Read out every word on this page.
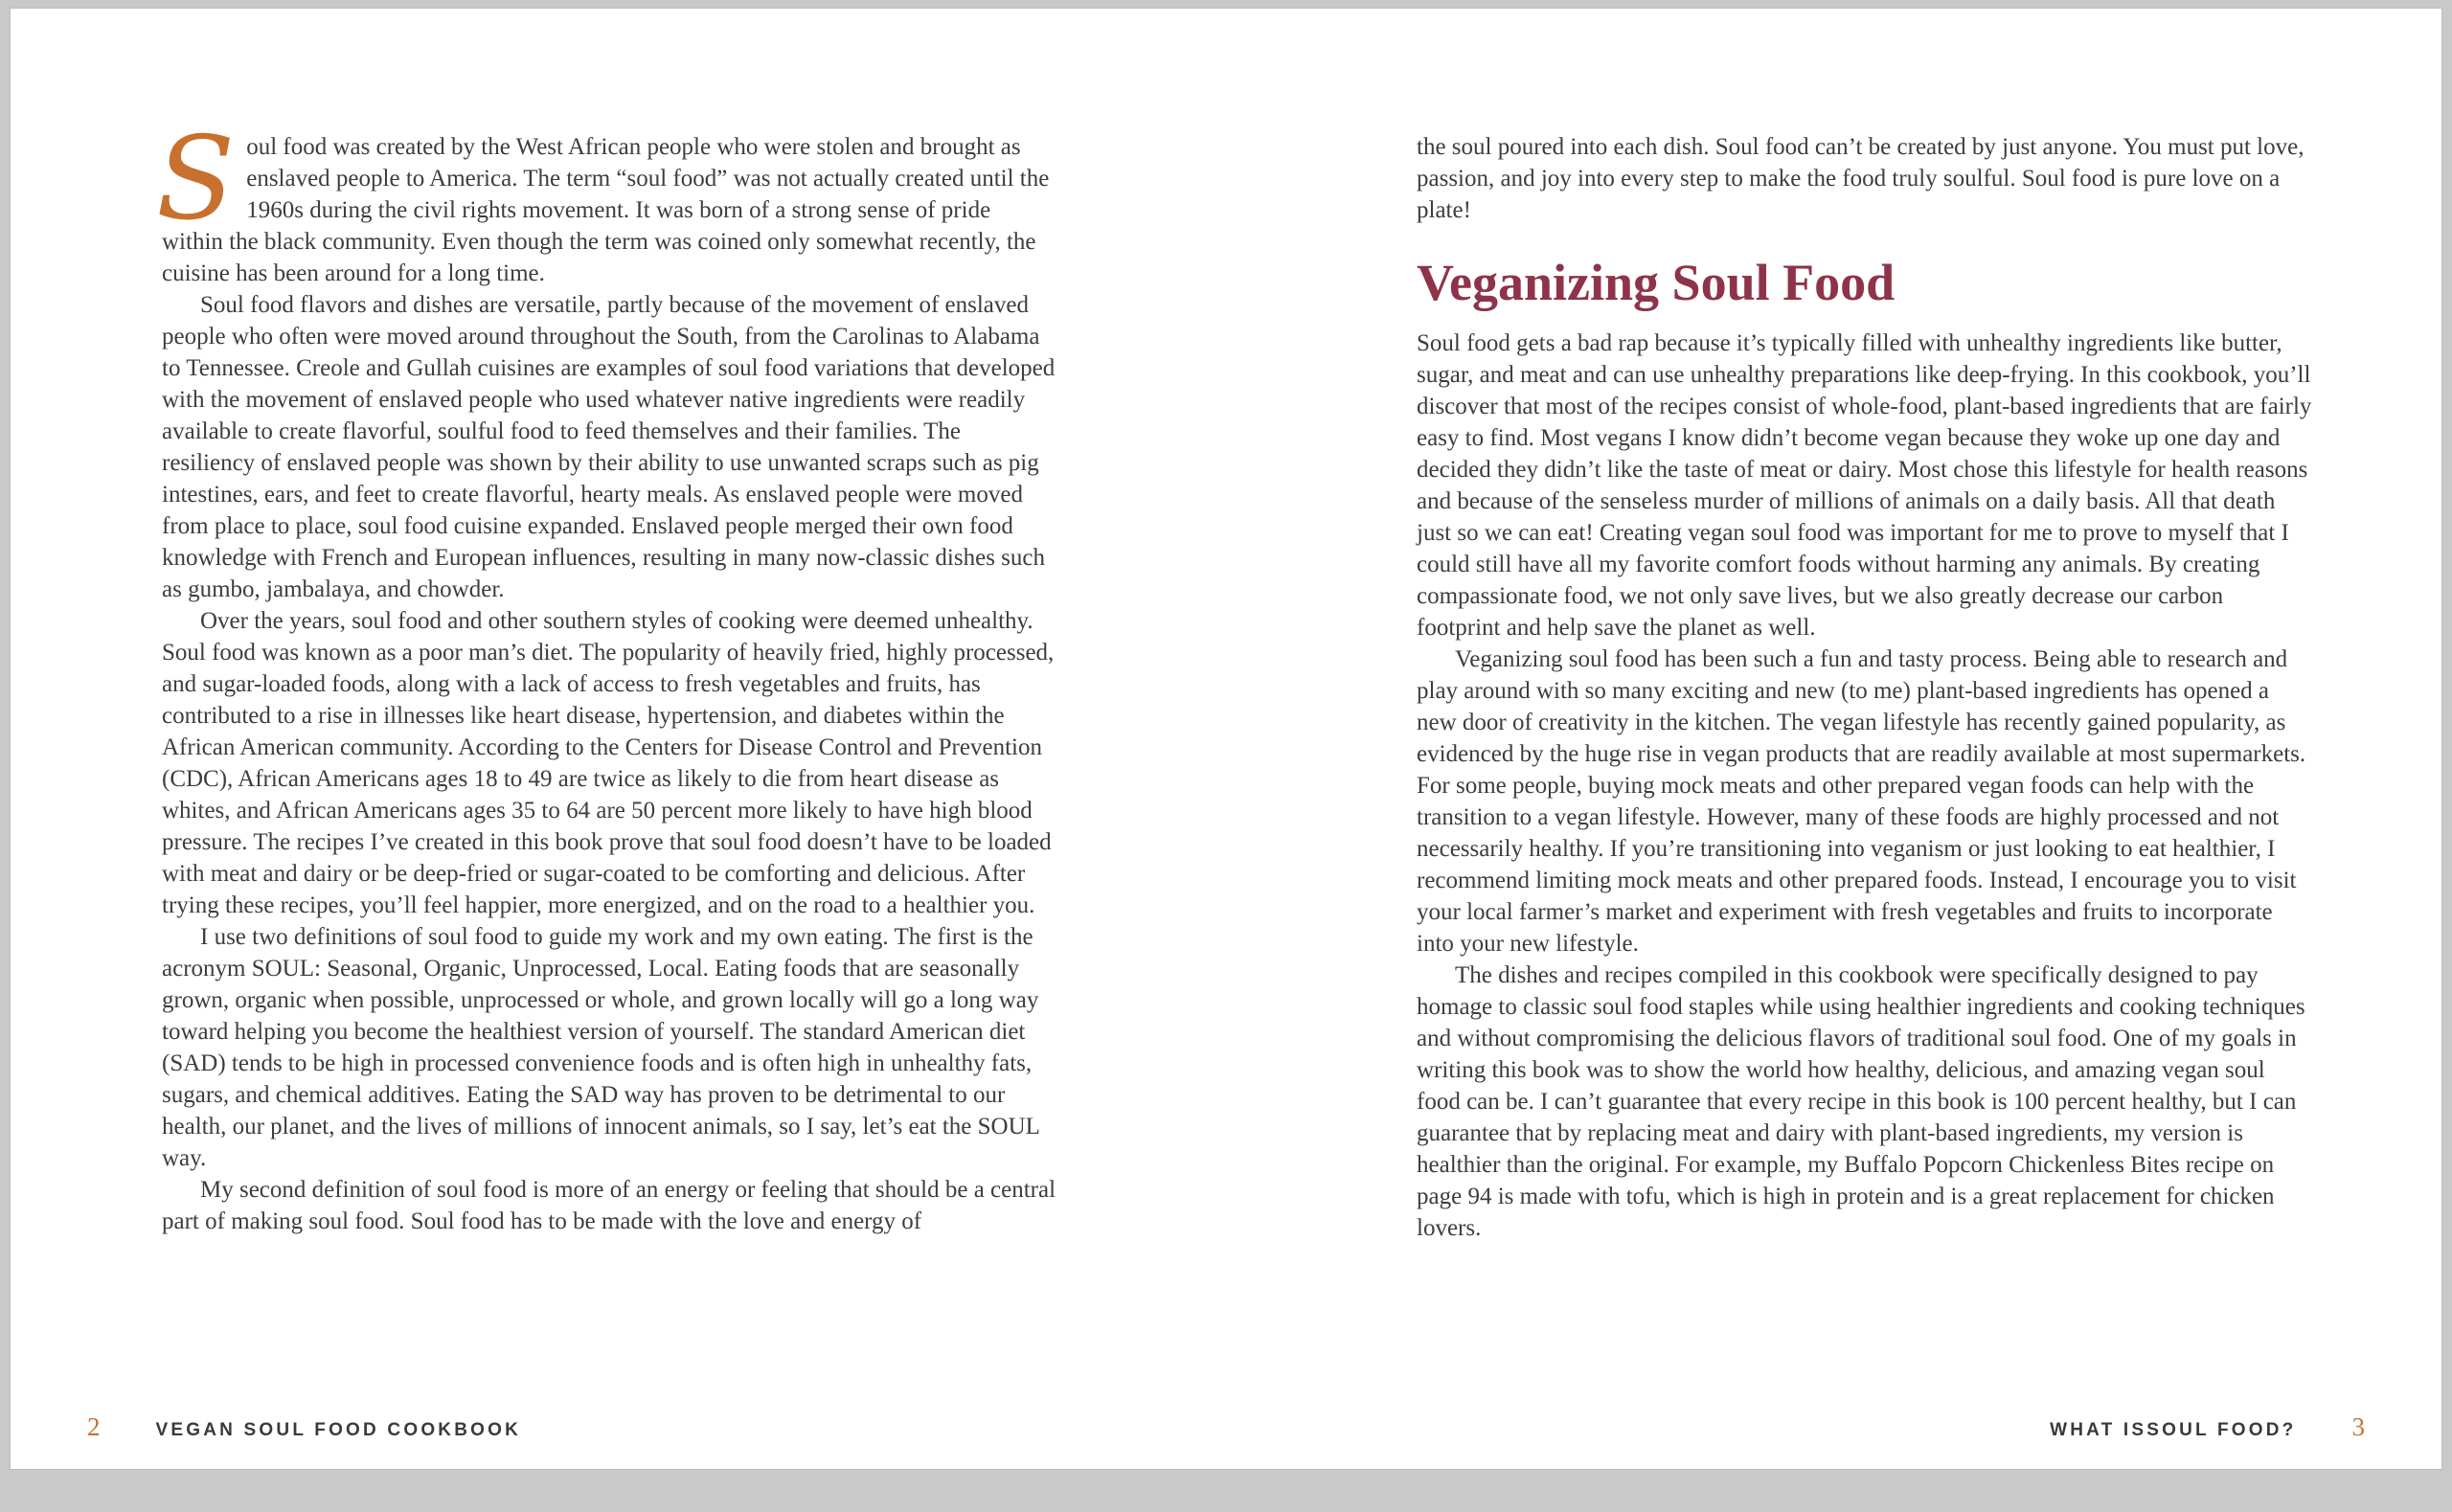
Soul food was created by the West African people who were stolen and brought as enslaved people to America. The term “soul food” was not actually created until the 1960s during the civil rights movement. It was born of a strong sense of pride within the black community. Even though the term was coined only somewhat recently, the cuisine has been around for a long time.

Soul food flavors and dishes are versatile, partly because of the movement of enslaved people who often were moved around throughout the South, from the Carolinas to Alabama to Tennessee. Creole and Gullah cuisines are examples of soul food variations that developed with the movement of enslaved people who used whatever native ingredients were readily available to create flavorful, soulful food to feed themselves and their families. The resiliency of enslaved people was shown by their ability to use unwanted scraps such as pig intestines, ears, and feet to create flavorful, hearty meals. As enslaved people were moved from place to place, soul food cuisine expanded. Enslaved people merged their own food knowledge with French and European influences, resulting in many now-classic dishes such as gumbo, jambalaya, and chowder.

Over the years, soul food and other southern styles of cooking were deemed unhealthy. Soul food was known as a poor man’s diet. The popularity of heavily fried, highly processed, and sugar-loaded foods, along with a lack of access to fresh vegetables and fruits, has contributed to a rise in illnesses like heart disease, hypertension, and diabetes within the African American community. According to the Centers for Disease Control and Prevention (CDC), African Americans ages 18 to 49 are twice as likely to die from heart disease as whites, and African Americans ages 35 to 64 are 50 percent more likely to have high blood pressure. The recipes I’ve created in this book prove that soul food doesn’t have to be loaded with meat and dairy or be deep-fried or sugar-coated to be comforting and delicious. After trying these recipes, you’ll feel happier, more energized, and on the road to a healthier you.

I use two definitions of soul food to guide my work and my own eating. The first is the acronym SOUL: Seasonal, Organic, Unprocessed, Local. Eating foods that are seasonally grown, organic when possible, unprocessed or whole, and grown locally will go a long way toward helping you become the healthiest version of yourself. The standard American diet (SAD) tends to be high in processed convenience foods and is often high in unhealthy fats, sugars, and chemical additives. Eating the SAD way has proven to be detrimental to our health, our planet, and the lives of millions of innocent animals, so I say, let’s eat the SOUL way.

My second definition of soul food is more of an energy or feeling that should be a central part of making soul food. Soul food has to be made with the love and energy of

the soul poured into each dish. Soul food can’t be created by just anyone. You must put love, passion, and joy into every step to make the food truly soulful. Soul food is pure love on a plate!

Veganizing Soul Food

Soul food gets a bad rap because it’s typically filled with unhealthy ingredients like butter, sugar, and meat and can use unhealthy preparations like deep-frying. In this cookbook, you’ll discover that most of the recipes consist of whole-food, plant-based ingredients that are fairly easy to find. Most vegans I know didn’t become vegan because they woke up one day and decided they didn’t like the taste of meat or dairy. Most chose this lifestyle for health reasons and because of the senseless murder of millions of animals on a daily basis. All that death just so we can eat! Creating vegan soul food was important for me to prove to myself that I could still have all my favorite comfort foods without harming any animals. By creating compassionate food, we not only save lives, but we also greatly decrease our carbon footprint and help save the planet as well.

Veganizing soul food has been such a fun and tasty process. Being able to research and play around with so many exciting and new (to me) plant-based ingredients has opened a new door of creativity in the kitchen. The vegan lifestyle has recently gained popularity, as evidenced by the huge rise in vegan products that are readily available at most supermarkets. For some people, buying mock meats and other prepared vegan foods can help with the transition to a vegan lifestyle. However, many of these foods are highly processed and not necessarily healthy. If you’re transitioning into veganism or just looking to eat healthier, I recommend limiting mock meats and other prepared foods. Instead, I encourage you to visit your local farmer’s market and experiment with fresh vegetables and fruits to incorporate into your new lifestyle.

The dishes and recipes compiled in this cookbook were specifically designed to pay homage to classic soul food staples while using healthier ingredients and cooking techniques and without compromising the delicious flavors of traditional soul food. One of my goals in writing this book was to show the world how healthy, delicious, and amazing vegan soul food can be. I can’t guarantee that every recipe in this book is 100 percent healthy, but I can guarantee that by replacing meat and dairy with plant-based ingredients, my version is healthier than the original. For example, my Buffalo Popcorn Chickenless Bites recipe on page 94 is made with tofu, which is high in protein and is a great replacement for chicken lovers.

2	VEGAN SOUL FOOD COOKBOOK	WHAT ISSOUL FOOD? 3
